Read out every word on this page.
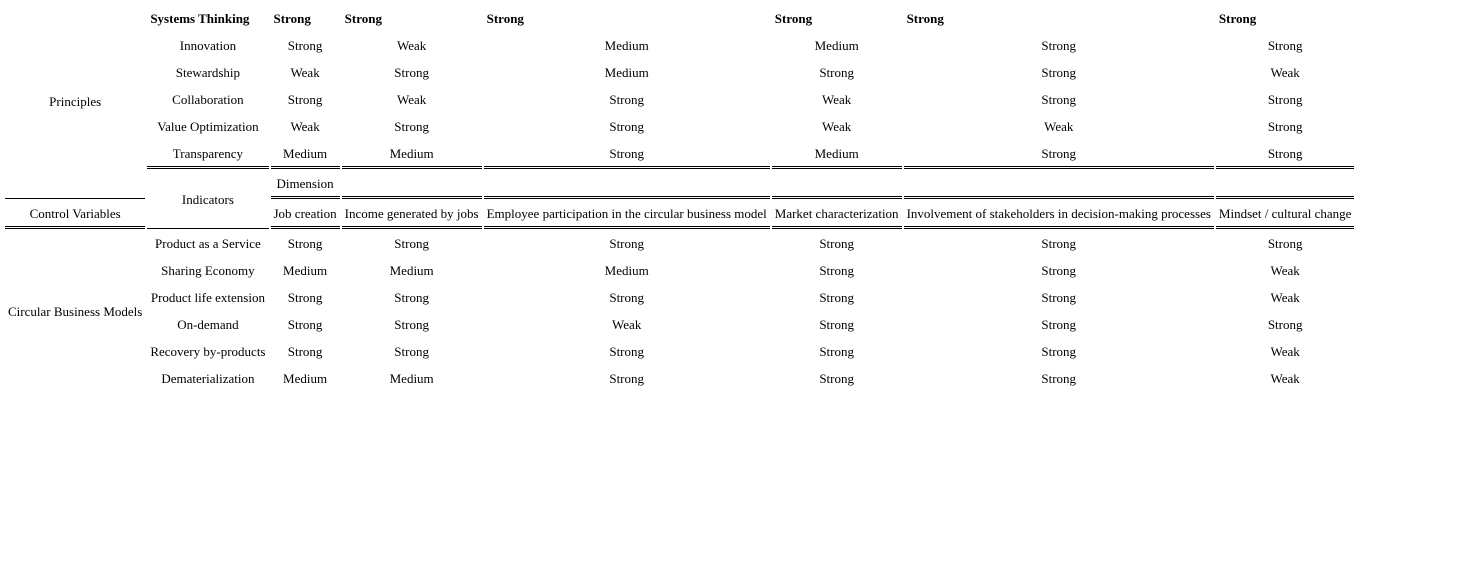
	Systems Thinking	Strong	Strong	Strong	Strong	Strong	Strong
Principles	Innovation	Strong	Weak	Medium	Medium	Strong	Strong
	Stewardship	Weak	Strong	Medium	Strong	Strong	Weak
	Collaboration	Strong	Weak	Strong	Weak	Strong	Strong
	Value Optimization	Weak	Strong	Strong	Weak	Weak	Strong
	Transparency	Medium	Medium	Strong	Medium	Strong	Strong
	Indicators	Dimension					
Control Variables		Job creation	Income generated by jobs	Employee participation in the circular business model	Market characterization	Involvement of stakeholders in decision-making processes	Mindset / cultural change
Circular Business Models	Product as a Service	Strong	Strong	Strong	Strong	Strong	Strong
	Sharing Economy	Medium	Medium	Medium	Strong	Strong	Weak
	Product life extension	Strong	Strong	Strong	Strong	Strong	Weak
	On-demand	Strong	Strong	Weak	Strong	Strong	Strong
	Recovery by-products	Strong	Strong	Strong	Strong	Strong	Weak
	Dematerialization	Medium	Medium	Strong	Strong	Strong	Weak
